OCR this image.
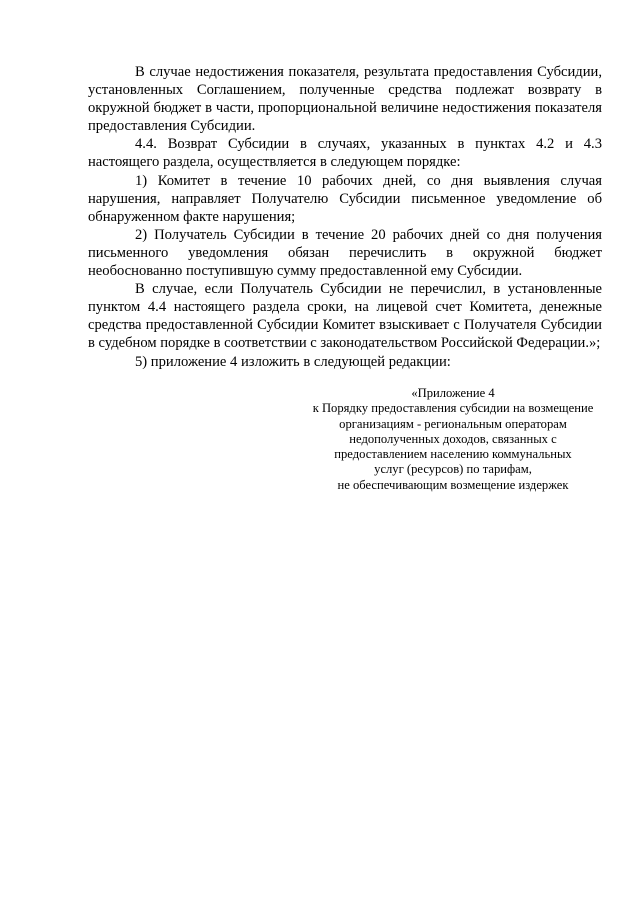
В случае недостижения показателя, результата предоставления Субсидии, установленных Соглашением, полученные средства подлежат возврату в окружной бюджет в части, пропорциональной величине недостижения показателя предоставления Субсидии.

4.4. Возврат Субсидии в случаях, указанных в пунктах 4.2 и 4.3 настоящего раздела, осуществляется в следующем порядке:

1) Комитет в течение 10 рабочих дней, со дня выявления случая нарушения, направляет Получателю Субсидии письменное уведомление об обнаруженном факте нарушения;

2) Получатель Субсидии в течение 20 рабочих дней со дня получения письменного уведомления обязан перечислить в окружной бюджет необоснованно поступившую сумму предоставленной ему Субсидии.

В случае, если Получатель Субсидии не перечислил, в установленные пунктом 4.4 настоящего раздела сроки, на лицевой счет Комитета, денежные средства предоставленной Субсидии Комитет взыскивает с Получателя Субсидии в судебном порядке в соответствии с законодательством Российской Федерации.»;

5) приложение 4 изложить в следующей редакции:

«Приложение 4
к Порядку предоставления субсидии на возмещение
организациям - региональным операторам
недополученных доходов, связанных с
предоставлением населению коммунальных
услуг (ресурсов) по тарифам,
не обеспечивающим возмещение издержек
